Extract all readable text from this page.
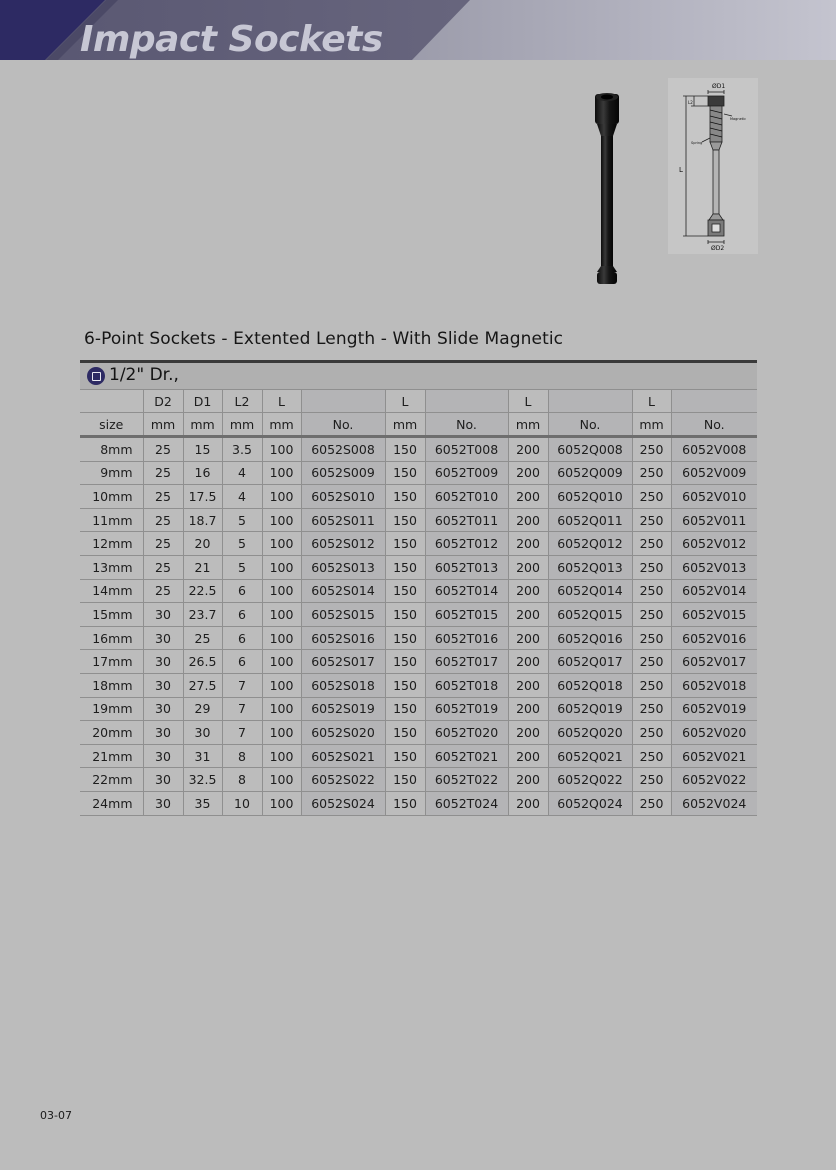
Impact Sockets
ØD1
ØD2
L
L2
Spring
Magnetic
6-Point Sockets - Extented Length - With Slide Magnetic
1/2" Dr.,
	D2	D1	L2	L		L		L		L	
size	mm	mm	mm	mm	No.	mm	No.	mm	No.	mm	No.
8mm	25	15	3.5	100	6052S008	150	6052T008	200	6052Q008	250	6052V008
9mm	25	16	4	100	6052S009	150	6052T009	200	6052Q009	250	6052V009
10mm	25	17.5	4	100	6052S010	150	6052T010	200	6052Q010	250	6052V010
11mm	25	18.7	5	100	6052S011	150	6052T011	200	6052Q011	250	6052V011
12mm	25	20	5	100	6052S012	150	6052T012	200	6052Q012	250	6052V012
13mm	25	21	5	100	6052S013	150	6052T013	200	6052Q013	250	6052V013
14mm	25	22.5	6	100	6052S014	150	6052T014	200	6052Q014	250	6052V014
15mm	30	23.7	6	100	6052S015	150	6052T015	200	6052Q015	250	6052V015
16mm	30	25	6	100	6052S016	150	6052T016	200	6052Q016	250	6052V016
17mm	30	26.5	6	100	6052S017	150	6052T017	200	6052Q017	250	6052V017
18mm	30	27.5	7	100	6052S018	150	6052T018	200	6052Q018	250	6052V018
19mm	30	29	7	100	6052S019	150	6052T019	200	6052Q019	250	6052V019
20mm	30	30	7	100	6052S020	150	6052T020	200	6052Q020	250	6052V020
21mm	30	31	8	100	6052S021	150	6052T021	200	6052Q021	250	6052V021
22mm	30	32.5	8	100	6052S022	150	6052T022	200	6052Q022	250	6052V022
24mm	30	35	10	100	6052S024	150	6052T024	200	6052Q024	250	6052V024
03-07
